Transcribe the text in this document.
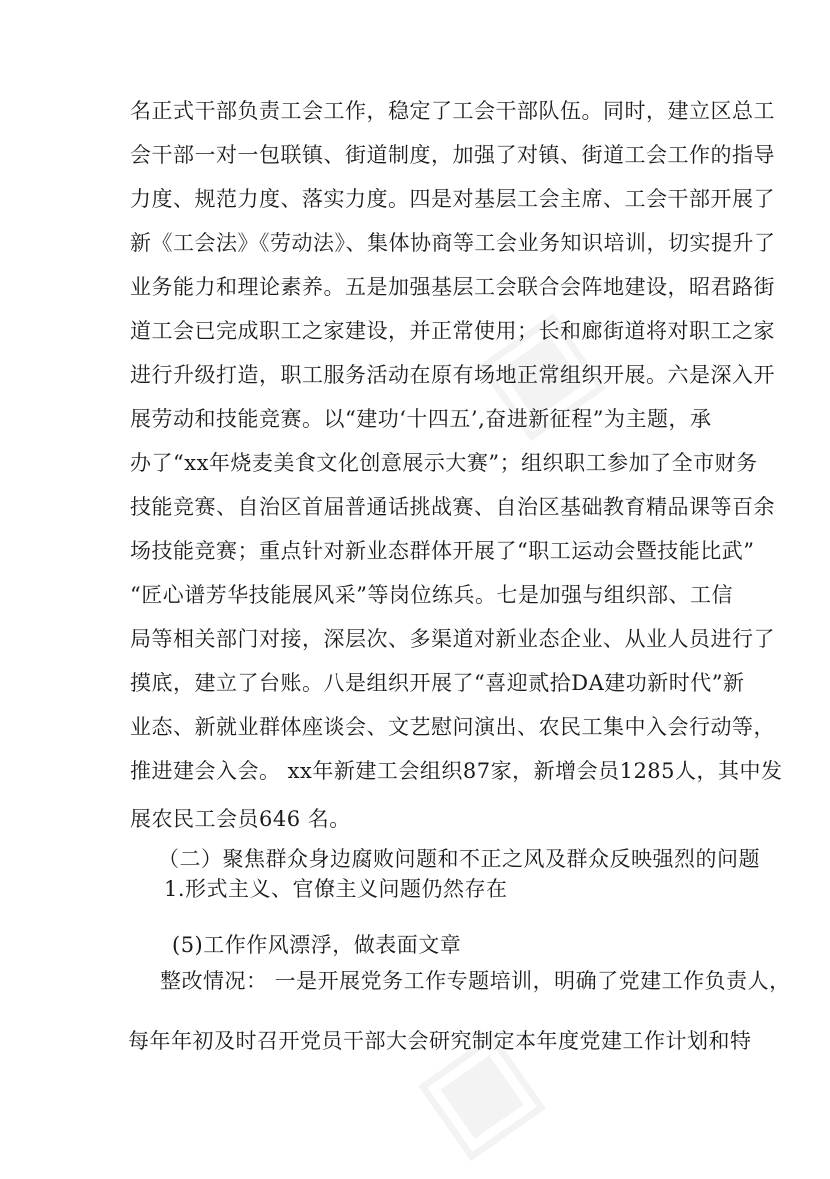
▣
▣
名正式干部负责工会工作，稳定了工会干部队伍。同时，建立区总工
会干部一对一包联镇、街道制度，加强了对镇、街道工会工作的指导
力度、规范力度、落实力度。四是对基层工会主席、工会干部开展了
新《工会法》《劳动法》、集体协商等工会业务知识培训，切实提升了
业务能力和理论素养。五是加强基层工会联合会阵地建设，昭君路街
道工会已完成职工之家建设，并正常使用；长和廊街道将对职工之家
进行升级打造，职工服务活动在原有场地正常组织开展。六是深入开
展劳动和技能竞赛。以“建功‘十四五’,奋进新征程”为主题，承
办了“xx年烧麦美食文化创意展示大赛”；组织职工参加了全市财务
技能竞赛、自治区首届普通话挑战赛、自治区基础教育精品课等百余
场技能竞赛；重点针对新业态群体开展了“职工运动会暨技能比武”
“匠心谱芳华技能展风采”等岗位练兵。七是加强与组织部、工信
局等相关部门对接，深层次、多渠道对新业态企业、从业人员进行了
摸底，建立了台账。八是组织开展了“喜迎贰拾DA建功新时代”新
业态、新就业群体座谈会、文艺慰问演出、农民工集中入会行动等，
推进建会入会。 xx年新建工会组织87家，新增会员1285人，其中发
展农民工会员646 名。
（二）聚焦群众身边腐败问题和不正之风及群众反映强烈的问题
1.形式主义、官僚主义问题仍然存在
(5)工作作风漂浮，做表面文章
整改情况： 一是开展党务工作专题培训，明确了党建工作负责人，
每年年初及时召开党员干部大会研究制定本年度党建工作计划和特
